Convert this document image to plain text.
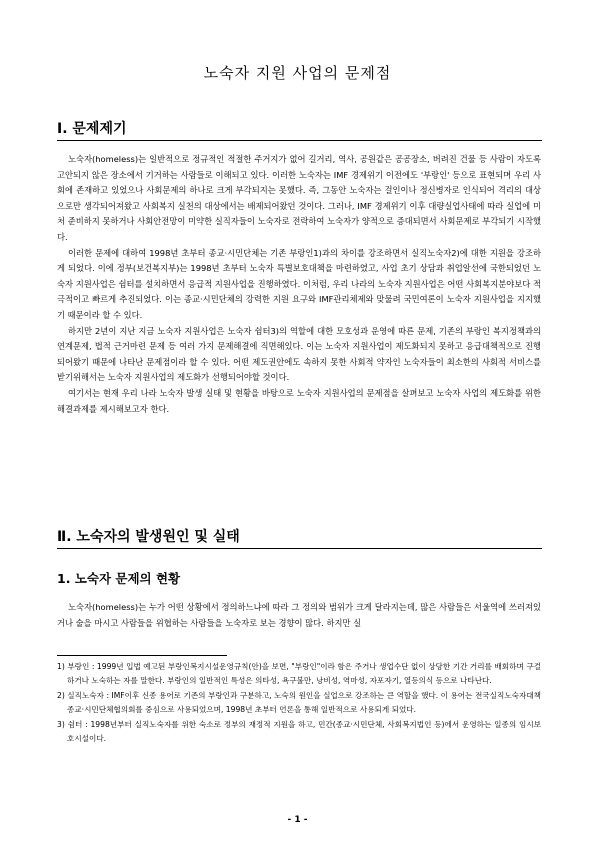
노숙자 지원 사업의 문제점
Ⅰ. 문제제기

노숙자(homeless)는 일반적으로 정규적인 적절한 주거지가 없어 길거리, 역사, 공원같은 공공장소, 버려진 건물 등 사람이 자도록 고안되지 않은 장소에서 기거하는 사람들로 이해되고 있다. 이러한 노숙자는 IMF 경제위기 이전에도 '부랑인' 등으로 표현되며 우리 사회에 존재하고 있었으나 사회문제의 하나로 크게 부각되지는 못했다. 즉, 그동안 노숙자는 걸인이나 정신병자로 인식되어 격리의 대상으로만 생각되어져왔고 사회복지 실천의 대상에서는 배제되어왔던 것이다. 그러나, IMF 경제위기 이후 대량실업사태에 따라 실업에 미처 준비하지 못하거나 사회안전망이 미약한 실직자들이 노숙자로 전락하여 노숙자가 양적으로 증대되면서 사회문제로 부각되기 시작했다.

이러한 문제에 대하여 1998년 초부터 종교·시민단체는 기존 부랑인1)과의 차이를 강조하면서 실직노숙자2)에 대한 지원을 강조하게 되었다. 이에 정부(보건복지부)는 1998년 초부터 노숙자 특별보호대책을 마련하였고, 사업 초기 상담과 취업알선에 국한되었던 노숙자 지원사업은 쉼터를 설치하면서 응급적 지원사업을 진행하였다. 이처럼, 우리 나라의 노숙자 지원사업은 어떤 사회복지분야보다 적극적이고 빠르게 추진되었다. 이는 종교·시민단체의 강력한 지원 요구와 IMF관리체제와 맞물려 국민여론이 노숙자 지원사업을 지지했기 때문이라 할 수 있다.

하지만 2년이 지난 지금 노숙자 지원사업은 노숙자 쉼터3)의 역할에 대한 모호성과 운영에 따른 문제, 기존의 부랑인 복지정책과의 연계문제, 법적 근거마련 문제 등 여러 가지 문제해결에 직면해있다. 이는 노숙자 지원사업이 제도화되지 못하고 응급대책적으로 진행되어왔기 때문에 나타난 문제점이라 할 수 있다. 어떤 제도권안에도 속하지 못한 사회적 약자인 노숙자들이 최소한의 사회적 서비스를 받기위해서는 노숙자 지원사업의 제도화가 선행되어야할 것이다.

여기서는 현재 우리 나라 노숙자 발생 실태 및 현황을 바탕으로 노숙자 지원사업의 문제점을 살펴보고 노숙자 사업의 제도화를 위한 해결과제를 제시해보고자 한다.

Ⅱ. 노숙자의 발생원인 및 실태
1. 노숙자 문제의 현황

노숙자(homeless)는 누가 어떤 상황에서 정의하느냐에 따라 그 정의와 범위가 크게 달라지는데, 많은 사람들은 서울역에 쓰러져있거나 술을 마시고 사람들을 위협하는 사람들을 노숙자로 보는 경향이 많다. 하지만 실

1) 부랑인 : 1999년 입법 예고된 부랑인복지시설운영규칙(안)을 보면, "부랑인"이라 함은 주거나 생업수단 없이 상당한 기간 거리를 배회하며 구걸하거나 노숙하는 자를 말한다. 부랑인의 일반적인 특성은 의타성, 욕구불만, 낭비성, 역마성, 자포자기, 열등의식 등으로 나타난다.

2) 실직노숙자 : IMF이후 신종 용어로 기존의 부랑인과 구분하고, 노숙의 원인을 실업으로 강조하는 큰 역할을 했다. 이 용어는 전국실직노숙자대책 종교·시민단체협의회를 중심으로 사용되었으며, 1998년 초부터 언론을 통해 일반적으로 사용되게 되었다.

3) 쉼터 : 1998년부터 실직노숙자를 위한 숙소로 정부의 재정적 지원을 하고, 민간(종교·시민단체, 사회복지법인 등)에서 운영하는 일종의 임시보호시설이다.

- 1 -
